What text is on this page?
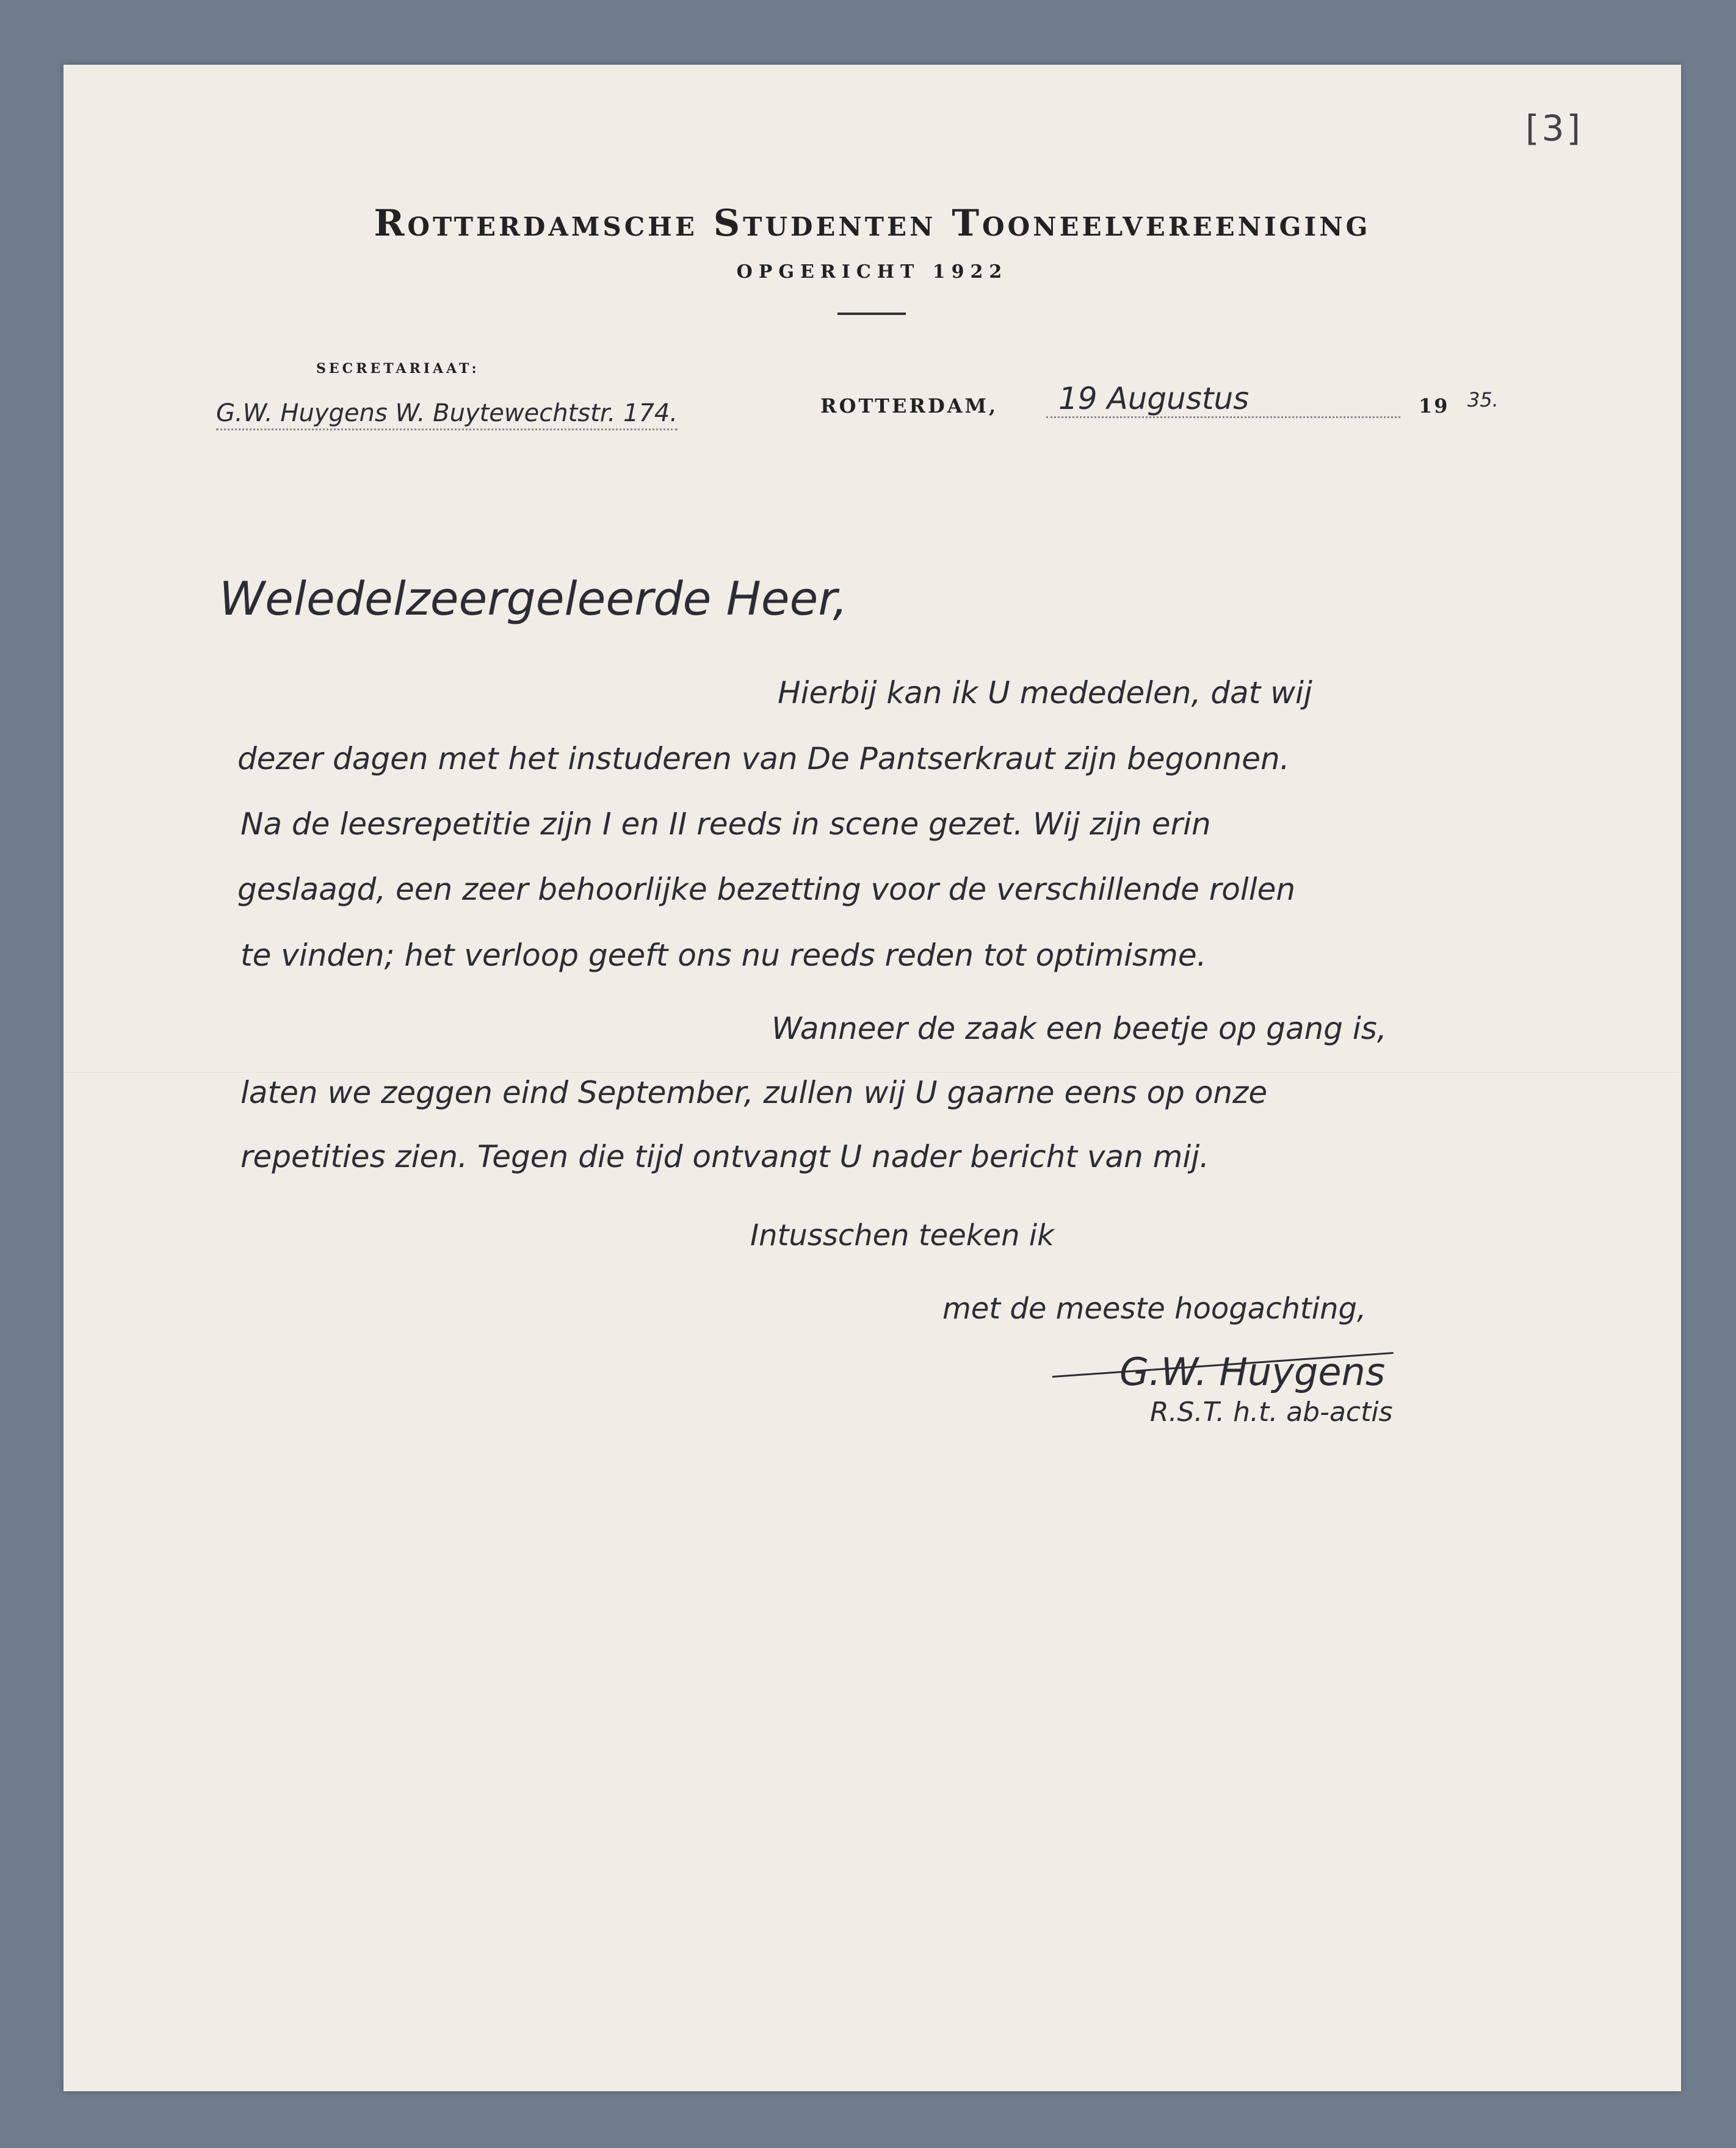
[3]
Rotterdamsche Studenten Tooneelvereeniging
OPGERICHT 1922
SECRETARIAAT:
G.W. Huygens W. Buytewechtstr. 174.	ROTTERDAM, 19 Augustus	19 35.
Weledelzeergeleerde Heer,
Hierbij kan ik U mededelen, dat wij
dezer dagen met het instuderen van De Pantserkraut zijn begonnen.
Na de leesrepetitie zijn I en II reeds in scene gezet. Wij zijn erin
geslaagd, een zeer behoorlijke bezetting voor de verschillende rollen
te vinden; het verloop geeft ons nu reeds reden tot optimisme.
Wanneer de zaak een beetje op gang is,
laten we zeggen eind September, zullen wij U gaarne eens op onze
repetities zien. Tegen die tijd ontvangt U nader bericht van mij.
Intusschen teeken ik
met de meeste hoogachting,
G.W. Huygens
R.S.T. h.t. ab-actis
